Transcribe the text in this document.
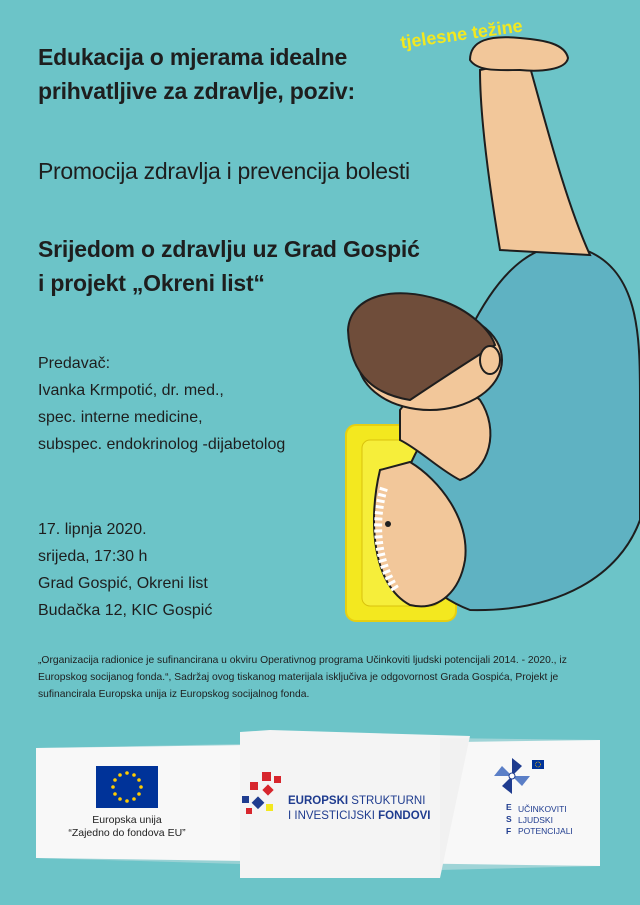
Edukacija o mjerama idealne
prihvatljive za zdravlje, poziv:
tjelesne težine
Promocija zdravlja i prevencija bolesti
Srijedom o zdravlju uz Grad Gospić
i projekt „Okreni list“
Predavač:
Ivanka Krmpotić, dr. med.,
spec. interne medicine,
subspec. endokrinolog -dijabetolog
17. lipnja 2020.
srijeda, 17:30 h
Grad Gospić, Okreni list
Budačka 12, KIC Gospić
„Organizacija radionice je sufinancirana u okviru Operativnog programa Učinkoviti ljudski potencijali 2014. - 2020., iz Europskog socijanog fonda.“, Sadržaj ovog tiskanog materijala isključiva je odgovornost Grada Gospića, Projekt je sufinancirala Europska unija iz Europskog socijalnog fonda.
Europska unija
“Zajedno do fondova EU”
EUROPSKI STRUKTURNI
I INVESTICIJSKI FONDOVI
E
S
F
UČINKOVITI
LJUDSKI
POTENCIJALI
